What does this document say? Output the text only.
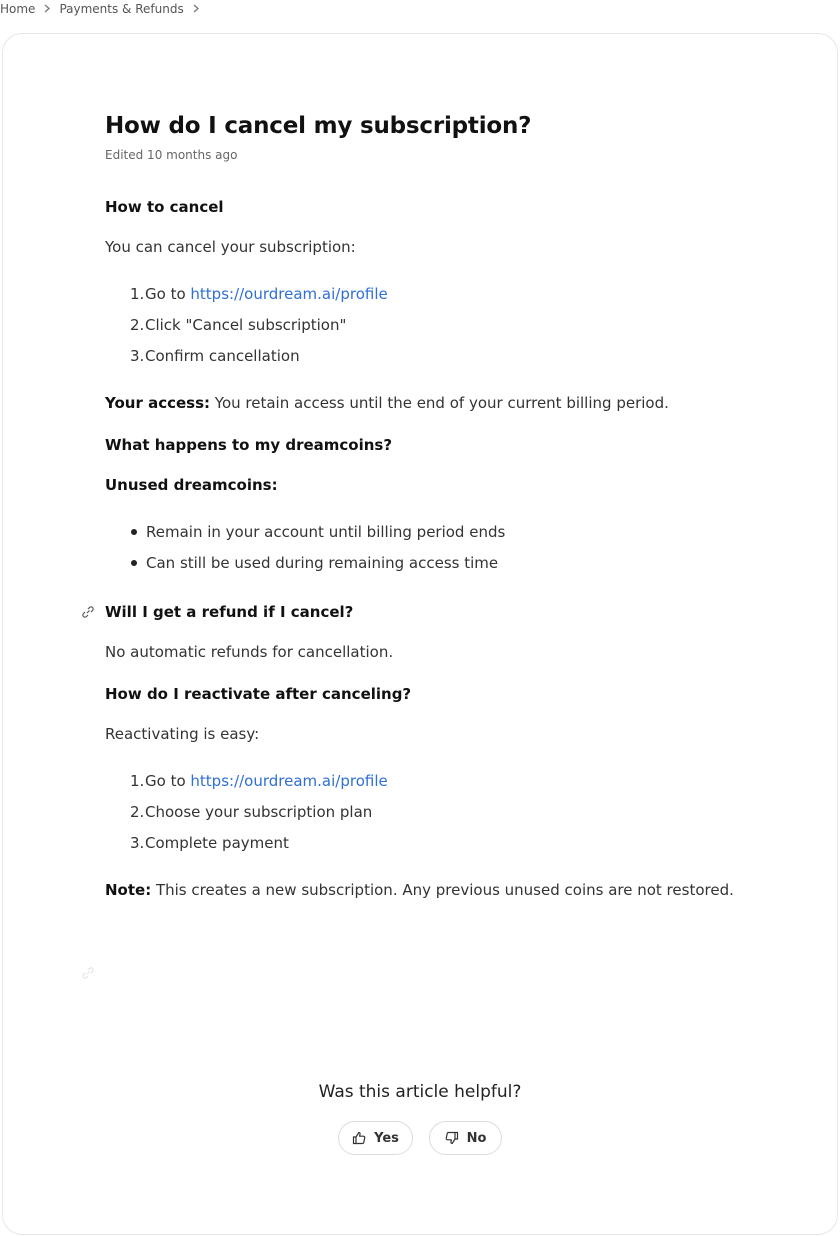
Home Payments & Refunds
How do I cancel my subscription?
Edited 10 months ago
How to cancel
You can cancel your subscription:
1.Go to https://ourdream.ai/profile
2.Click "Cancel subscription"
3.Confirm cancellation
Your access: You retain access until the end of your current billing period.
What happens to my dreamcoins?
Unused dreamcoins:
Remain in your account until billing period ends
Can still be used during remaining access time
Will I get a refund if I cancel?
No automatic refunds for cancellation.
How do I reactivate after canceling?
Reactivating is easy:
1.Go to https://ourdream.ai/profile
2.Choose your subscription plan
3.Complete payment
Note: This creates a new subscription. Any previous unused coins are not restored.
Was this article helpful?
Yes	No
